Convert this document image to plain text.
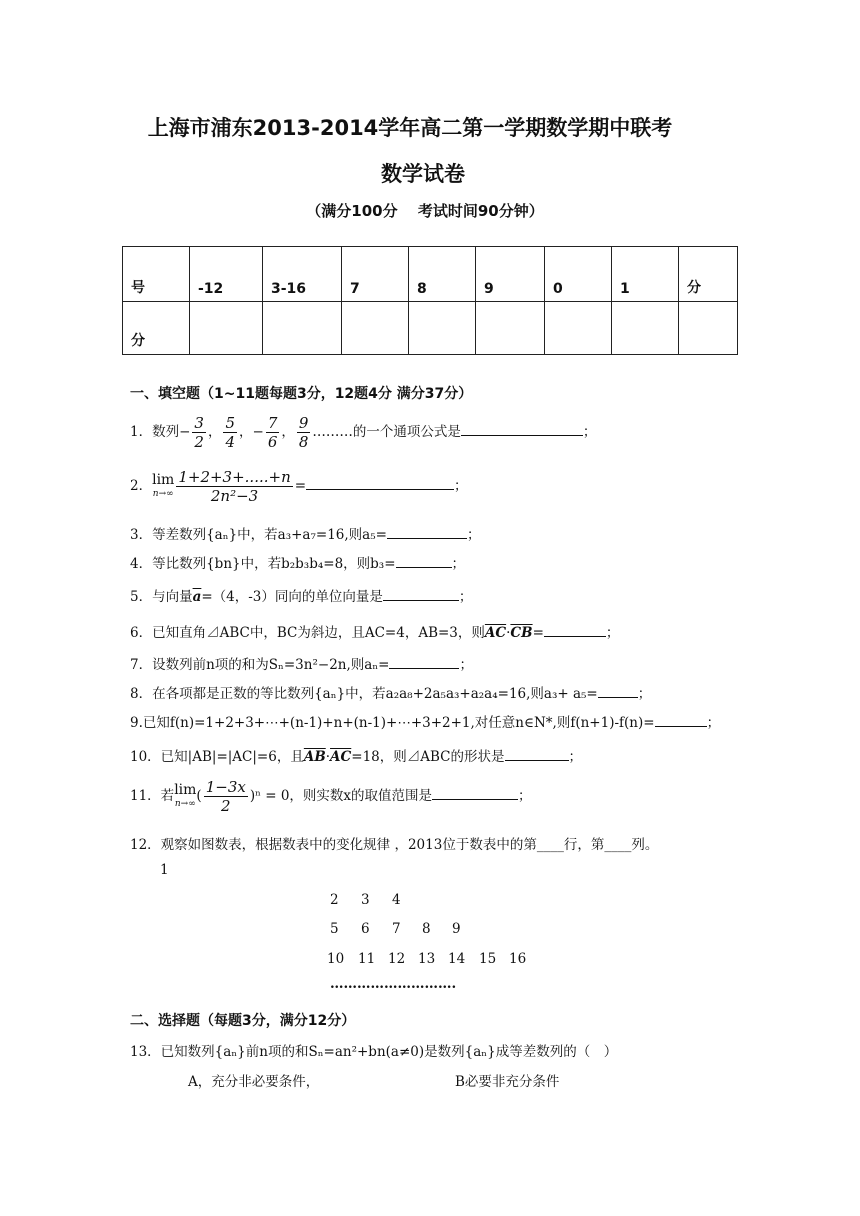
上海市浦东2013-2014学年高二第一学期数学期中联考
数学试卷
（满分100分　 考试时间90分钟）
号	-12	3-16	7	8	9	0	1	分
分								
一、填空题（1~11题每题3分，12题4分 满分37分）
1．数列− $\frac{3}{2}$ ， $\frac{5}{4}$ ，− $\frac{7}{6}$ ， $\frac{9}{8}$ ………的一个通项公式是	；
2．lim
$n\to\infty \frac{1+2+3+.....+n}{\text{2n²−3}}$ =	；
3．等差数列{aₙ}中，若a₃+a₇=16,则a₅=	；
4．等比数列{bn}中，若b₂b₃b₄=8，则b₃=	；
5．与向量$\overline{a}=(4$，-3）同向的单位向量是	；
6．已知直角⊿ABC中，BC为斜边，且AC=4，AB=3，则$\overline{AC}\cdot\overline{CB}=$	；
7．设数列前n项的和为Sₙ=3n²−2n,则aₙ=	；
8．在各项都是正数的等比数列{aₙ}中，若a₂a₈+2a₅a₃+a₂a₄=16,则a₃+ a₅=	；
9.已知f(n)=1+2+3+⋯+(n-1)+n+(n-1)+⋯+3+2+1,对任意n∈N*,则f(n+1)-f(n)=	；
10．已知|AB|=|AC|=6，且$\overline{AB}\cdot\overline{AC}=18$，则⊿ABC的形状是	；
11．若lim
n→∞ ( $\frac{1-3x}{2} )^n = 0$，则实数x的取值范围是	；
12．观察如图数表，根据数表中的变化规律 ，2013位于数表中的第____行，第____列。
1
2 3 4
5 6 7 8 9
10 11 12 13 14 15 16
……………………….
二、选择题（每题3分，满分12分）
13．已知数列{aₙ}前n项的和Sₙ=an²+bn(a≠0)是数列{aₙ}成等差数列的（　）
A，充分非必要条件，	B必要非充分条件
